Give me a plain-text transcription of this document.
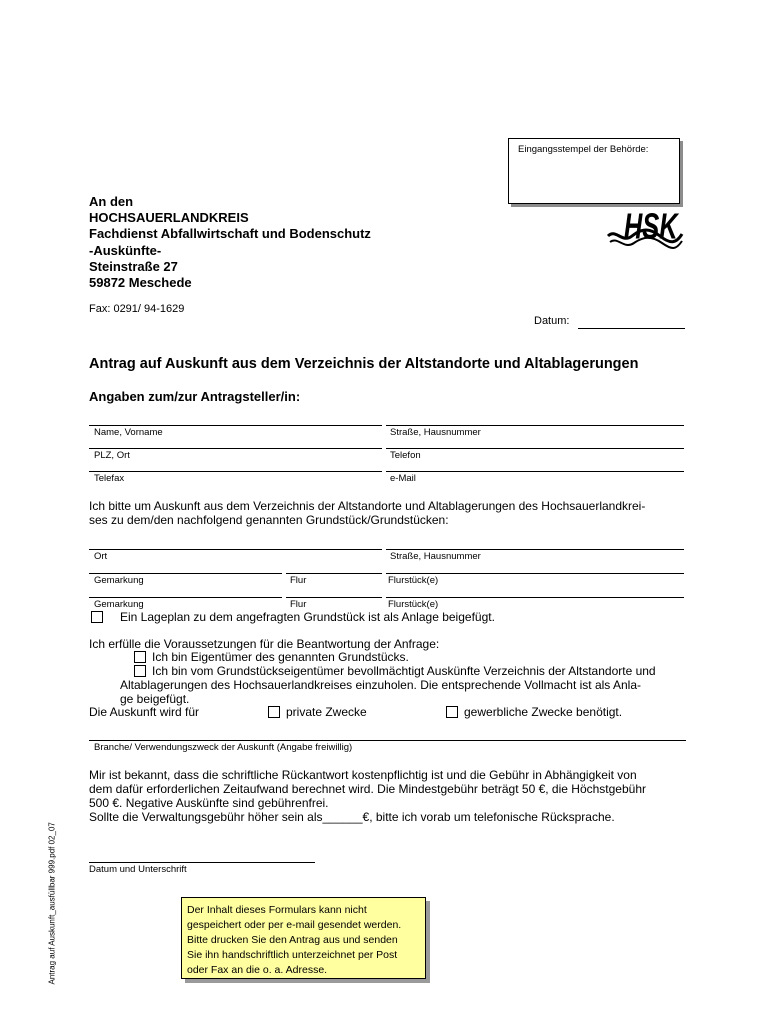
Eingangsstempel der Behörde:
An den
HOCHSAUERLANDKREIS
Fachdienst Abfallwirtschaft und Bodenschutz
-Auskünfte-
Steinstraße 27
59872 Meschede
HSK
Fax: 0291/ 94-1629
Datum:
Antrag auf Auskunft aus dem Verzeichnis der Altstandorte und Altablagerungen
Angaben zum/zur Antragsteller/in:
Name, Vorname	Straße, Hausnummer
PLZ, Ort	Telefon
Telefax	e-Mail
Ich bitte um Auskunft aus dem Verzeichnis der Altstandorte und Altablagerungen des Hochsauerlandkrei-
ses zu dem/den nachfolgend genannten Grundstück/Grundstücken:
Ort	Straße, Hausnummer
Gemarkung	Flur	Flurstück(e)
Gemarkung	Flur	Flurstück(e)
Ein Lageplan zu dem angefragten Grundstück ist als Anlage beigefügt.
Ich erfülle die Voraussetzungen für die Beantwortung der Anfrage:
Ich bin Eigentümer des genannten Grundstücks.
Ich bin vom Grundstückseigentümer bevollmächtigt Auskünfte Verzeichnis der Altstandorte und
Altablagerungen des Hochsauerlandkreises einzuholen. Die entsprechende Vollmacht ist als Anla-
ge beigefügt.
Die Auskunft wird für	private Zwecke	gewerbliche Zwecke benötigt.
Branche/ Verwendungszweck der Auskunft (Angabe freiwillig)
Mir ist bekannt, dass die schriftliche Rückantwort kostenpflichtig ist und die Gebühr in Abhängigkeit von
dem dafür erforderlichen Zeitaufwand berechnet wird. Die Mindestgebühr beträgt 50 €, die Höchstgebühr
500 €. Negative Auskünfte sind gebührenfrei.
Sollte die Verwaltungsgebühr höher sein als______€, bitte ich vorab um telefonische Rücksprache.
Datum und Unterschrift
Antrag auf Auskunft_ausfüllbar 999.pdf 02_07	Der Inhalt dieses Formulars kann nicht
gespeichert oder per e-mail gesendet werden.
Bitte drucken Sie den Antrag aus und senden
Sie ihn handschriftlich unterzeichnet per Post
oder Fax an die o. a. Adresse.
